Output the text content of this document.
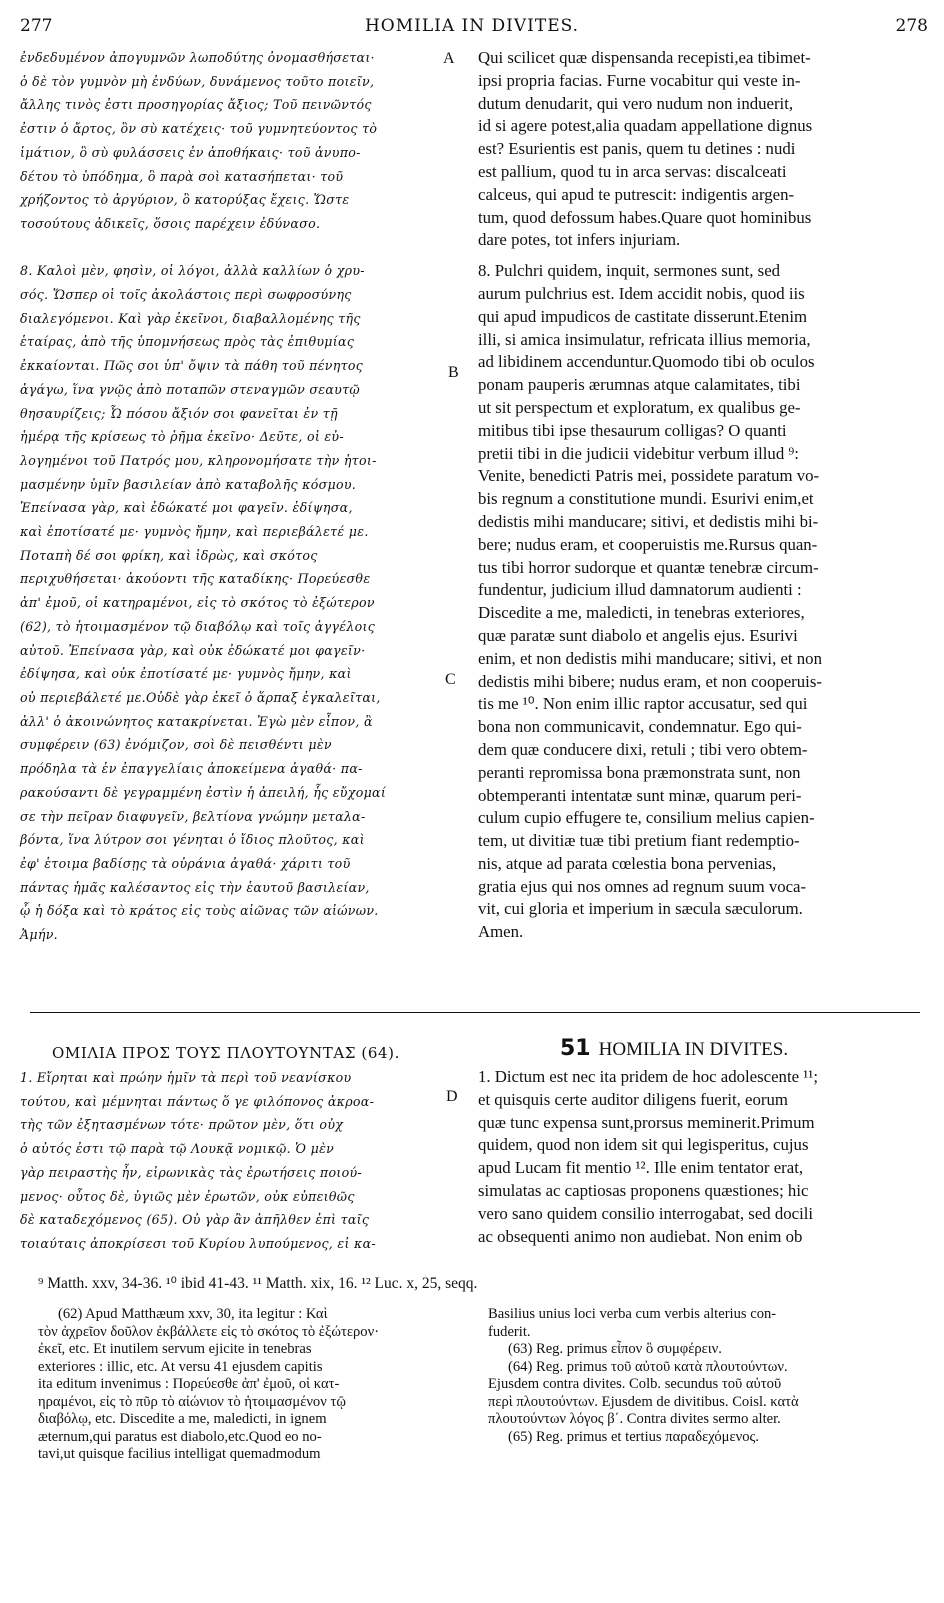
277	HOMILIA IN DIVITES.	278

ἐνδεδυμένον ἀπογυμνῶν λωποδύτης ὀνομασθήσεται·

ὁ δὲ τὸν γυμνὸν μὴ ἐνδύων, δυνάμενος τοῦτο ποιεῖν,

ἄλλης τινὸς ἐστι προσηγορίας ἄξιος; Τοῦ πεινῶντός

ἐστιν ὁ ἄρτος, ὃν σὺ κατέχεις· τοῦ γυμνητεύοντος τὸ

ἱμάτιον, ὃ σὺ φυλάσσεις ἐν ἀποθήκαις· τοῦ ἀνυπο-

δέτου τὸ ὑπόδημα, ὃ παρὰ σοὶ κατασήπεται· τοῦ

χρήζοντος τὸ ἀργύριον, ὃ κατορύξας ἔχεις. Ὥστε

τοσούτους ἀδικεῖς, ὅσοις παρέχειν ἐδύνασο.

8. Καλοὶ μὲν, φησὶν, οἱ λόγοι, ἀλλὰ καλλίων ὁ χρυ-

σός. Ὥσπερ οἱ τοῖς ἀκολάστοις περὶ σωφροσύνης

διαλεγόμενοι. Καὶ γὰρ ἐκεῖνοι, διαβαλλομένης τῆς

ἑταίρας, ἀπὸ τῆς ὑπομνήσεως πρὸς τὰς ἐπιθυμίας

ἐκκαίονται. Πῶς σοι ὑπ' ὄψιν τὰ πάθη τοῦ πένητος

ἀγάγω, ἵνα γνῷς ἀπὸ ποταπῶν στεναγμῶν σεαυτῷ

θησαυρίζεις; Ὦ πόσου ἄξιόν σοι φανεῖται ἐν τῇ

ἡμέρᾳ τῆς κρίσεως τὸ ῥῆμα ἐκεῖνο· Δεῦτε, οἱ εὐ-

λογημένοι τοῦ Πατρός μου, κληρονομήσατε τὴν ἡτοι-

μασμένην ὑμῖν βασιλείαν ἀπὸ καταβολῆς κόσμου.

Ἐπείνασα γὰρ, καὶ ἐδώκατέ μοι φαγεῖν. ἐδίψησα,

καὶ ἐποτίσατέ με· γυμνὸς ἤμην, καὶ περιεβάλετέ με.

Ποταπὴ δέ σοι φρίκη, καὶ ἱδρὼς, καὶ σκότος

περιχυθήσεται· ἀκούοντι τῆς καταδίκης· Πορεύεσθε

ἀπ' ἐμοῦ, οἱ κατηραμένοι, εἰς τὸ σκότος τὸ ἐξώτερον

(62), τὸ ἡτοιμασμένον τῷ διαβόλῳ καὶ τοῖς ἀγγέλοις

αὐτοῦ. Ἐπείνασα γὰρ, καὶ οὐκ ἐδώκατέ μοι φαγεῖν·

ἐδίψησα, καὶ οὐκ ἐποτίσατέ με· γυμνὸς ἤμην, καὶ

οὐ περιεβάλετέ με.Οὐδὲ γὰρ ἐκεῖ ὁ ἅρπαξ ἐγκαλεῖται,

ἀλλ' ὁ ἀκοινώνητος κατακρίνεται. Ἐγὼ μὲν εἶπον, ἃ

συμφέρειν (63) ἐνόμιζον, σοὶ δὲ πεισθέντι μὲν

πρόδηλα τὰ ἐν ἐπαγγελίαις ἀποκείμενα ἀγαθά· πα-

ρακούσαντι δὲ γεγραμμένη ἐστὶν ἡ ἀπειλή, ἧς εὔχομαί

σε τὴν πεῖραν διαφυγεῖν, βελτίονα γνώμην μεταλα-

βόντα, ἵνα λύτρον σοι γένηται ὁ ἴδιος πλοῦτος, καὶ

ἐφ' ἑτοιμα βαδίσῃς τὰ οὐράνια ἀγαθά· χάριτι τοῦ

πάντας ἡμᾶς καλέσαντος εἰς τὴν ἑαυτοῦ βασιλείαν,

ᾧ ἡ δόξα καὶ τὸ κράτος εἰς τοὺς αἰῶνας τῶν αἰώνων.

Ἀμήν.

Qui scilicet quæ dispensanda recepisti,ea tibimet-

ipsi propria facias. Furne vocabitur qui veste in-

dutum denudarit, qui vero nudum non induerit,

id si agere potest,alia quadam appellatione dignus

est? Esurientis est panis, quem tu detines : nudi

est pallium, quod tu in arca servas: discalceati

calceus, qui apud te putrescit: indigentis argen-

tum, quod defossum habes.Quare quot hominibus

dare potes, tot infers injuriam.

8. Pulchri quidem, inquit, sermones sunt, sed

aurum pulchrius est. Idem accidit nobis, quod iis

qui apud impudicos de castitate disserunt.Etenim

illi, si amica insimulatur, refricata illius memoria,

ad libidinem accenduntur.Quomodo tibi ob oculos

ponam pauperis ærumnas atque calamitates, tibi

ut sit perspectum et exploratum, ex qualibus ge-

mitibus tibi ipse thesaurum colligas? O quanti

pretii tibi in die judicii videbitur verbum illud ⁹:

Venite, benedicti Patris mei, possidete paratum vo-

bis regnum a constitutione mundi. Esurivi enim,et

dedistis mihi manducare; sitivi, et dedistis mihi bi-

bere; nudus eram, et cooperuistis me.Rursus quan-

tus tibi horror sudorque et quantæ tenebræ circum-

fundentur, judicium illud damnatorum audienti :

Discedite a me, maledicti, in tenebras exteriores,

quæ paratæ sunt diabolo et angelis ejus. Esurivi

enim, et non dedistis mihi manducare; sitivi, et non

dedistis mihi bibere; nudus eram, et non cooperuis-

tis me ¹⁰. Non enim illic raptor accusatur, sed qui

bona non communicavit, condemnatur. Ego qui-

dem quæ conducere dixi, retuli ; tibi vero obtem-

peranti repromissa bona præmonstrata sunt, non

obtemperanti intentatæ sunt minæ, quarum peri-

culum cupio effugere te, consilium melius capien-

tem, ut divitiæ tuæ tibi pretium fiant redemptio-

nis, atque ad parata cœlestia bona pervenias,

gratia ejus qui nos omnes ad regnum suum voca-

vit, cui gloria et imperium in sæcula sæculorum.

Amen.

A
B
C
D
ΟΜΙΛΙΑ ΠΡΟΣ ΤΟΥΣ ΠΛΟΥΤΟΥΝΤΑΣ (64).	51 HOMILIA IN DIVITES.

1. Εἴρηται καὶ πρώην ἡμῖν τὰ περὶ τοῦ νεανίσκου

τούτου, καὶ μέμνηται πάντως ὅ γε φιλόπονος ἀκροα-

τὴς τῶν ἐξητασμένων τότε· πρῶτον μὲν, ὅτι οὐχ

ὁ αὐτός ἐστι τῷ παρὰ τῷ Λουκᾷ νομικῷ. Ὁ μὲν

γὰρ πειραστὴς ἦν, εἰρωνικὰς τὰς ἐρωτήσεις ποιού-

μενος· οὗτος δὲ, ὑγιῶς μὲν ἐρωτῶν, οὐκ εὐπειθῶς

δὲ καταδεχόμενος (65). Οὐ γὰρ ἂν ἀπῆλθεν ἐπὶ ταῖς

τοιαύταις ἀποκρίσεσι τοῦ Κυρίου λυπούμενος, εἰ κα-

1. Dictum est nec ita pridem de hoc adolescente ¹¹;

et quisquis certe auditor diligens fuerit, eorum

quæ tunc expensa sunt,prorsus meminerit.Primum

quidem, quod non idem sit qui legisperitus, cujus

apud Lucam fit mentio ¹². Ille enim tentator erat,

simulatas ac captiosas proponens quæstiones; hic

vero sano quidem consilio interrogabat, sed docili

ac obsequenti animo non audiebat. Non enim ob

⁹ Matth. xxv, 34-36. ¹⁰ ibid 41-43. ¹¹ Matth. xix, 16. ¹² Luc. x, 25, seqq.

(62) Apud Matthæum xxv, 30, ita legitur : Καὶ

τὸν ἀχρεῖον δοῦλον ἐκβάλλετε εἰς τὸ σκότος τὸ ἐξώτερον·

ἐκεῖ, etc. Et inutilem servum ejicite in tenebras

exteriores : illic, etc. At versu 41 ejusdem capitis

ita editum invenimus : Πορεύεσθε ἀπ' ἐμοῦ, οἱ κατ-

ηραμένοι, εἰς τὸ πῦρ τὸ αἰώνιον τὸ ἡτοιμασμένον τῷ

διαβόλῳ, etc. Discedite a me, maledicti, in ignem

æternum,qui paratus est diabolo,etc.Quod eo no-

tavi,ut quisque facilius intelligat quemadmodum

Basilius unius loci verba cum verbis alterius con-

fuderit.

(63) Reg. primus εἶπον ὃ συμφέρειν.

(64) Reg. primus τοῦ αὐτοῦ κατὰ πλουτούντων.

Ejusdem contra divites. Colb. secundus τοῦ αὐτοῦ

περὶ πλουτούντων. Ejusdem de divitibus. Coisl. κατὰ

πλουτούντων λόγος β΄. Contra divites sermo alter.

(65) Reg. primus et tertius παραδεχόμενος.
